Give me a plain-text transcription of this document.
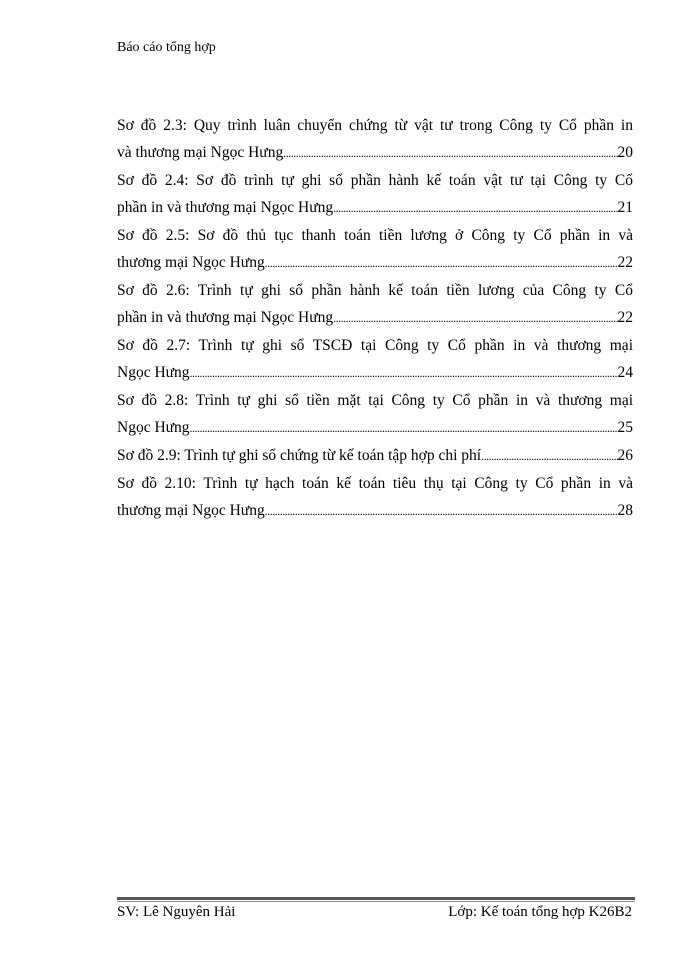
Báo cáo tổng hợp
Sơ đồ 2.3: Quy trình luân chuyển chứng từ vật tư trong Công ty Cổ phần in
và thương mại Ngọc Hưng .....	20
Sơ đồ 2.4: Sơ đồ trình tự ghi sổ phần hành kế toán vật tư tại Công ty Cổ
phần in và thương mại Ngọc Hưng .....	21
Sơ đồ 2.5: Sơ đồ thủ tục thanh toán tiền lương ở Công ty Cổ phần in và
thương mại Ngọc Hưng .....	22
Sơ đồ 2.6: Trình tự ghi sổ phần hành kế toán tiền lương của Công ty Cổ
phần in và thương mại Ngọc Hưng .....	22
Sơ đồ 2.7: Trình tự ghi sổ TSCĐ tại Công ty Cổ phần in và thương mại
Ngọc Hưng .....	24
Sơ đồ 2.8: Trình tự ghi sổ tiền mặt tại Công ty Cổ phần in và thương mại
Ngọc Hưng .....	25
Sơ đồ 2.9: Trình tự ghi sổ chứng từ kế toán tập hợp chi phí .....	26
Sơ đồ 2.10: Trình tự hạch toán kế toán tiêu thụ tại Công ty Cổ phần in và
thương mại Ngọc Hưng .....	28
SV: Lê Nguyên Hải	Lớp: Kế toán tổng hợp K26B2
